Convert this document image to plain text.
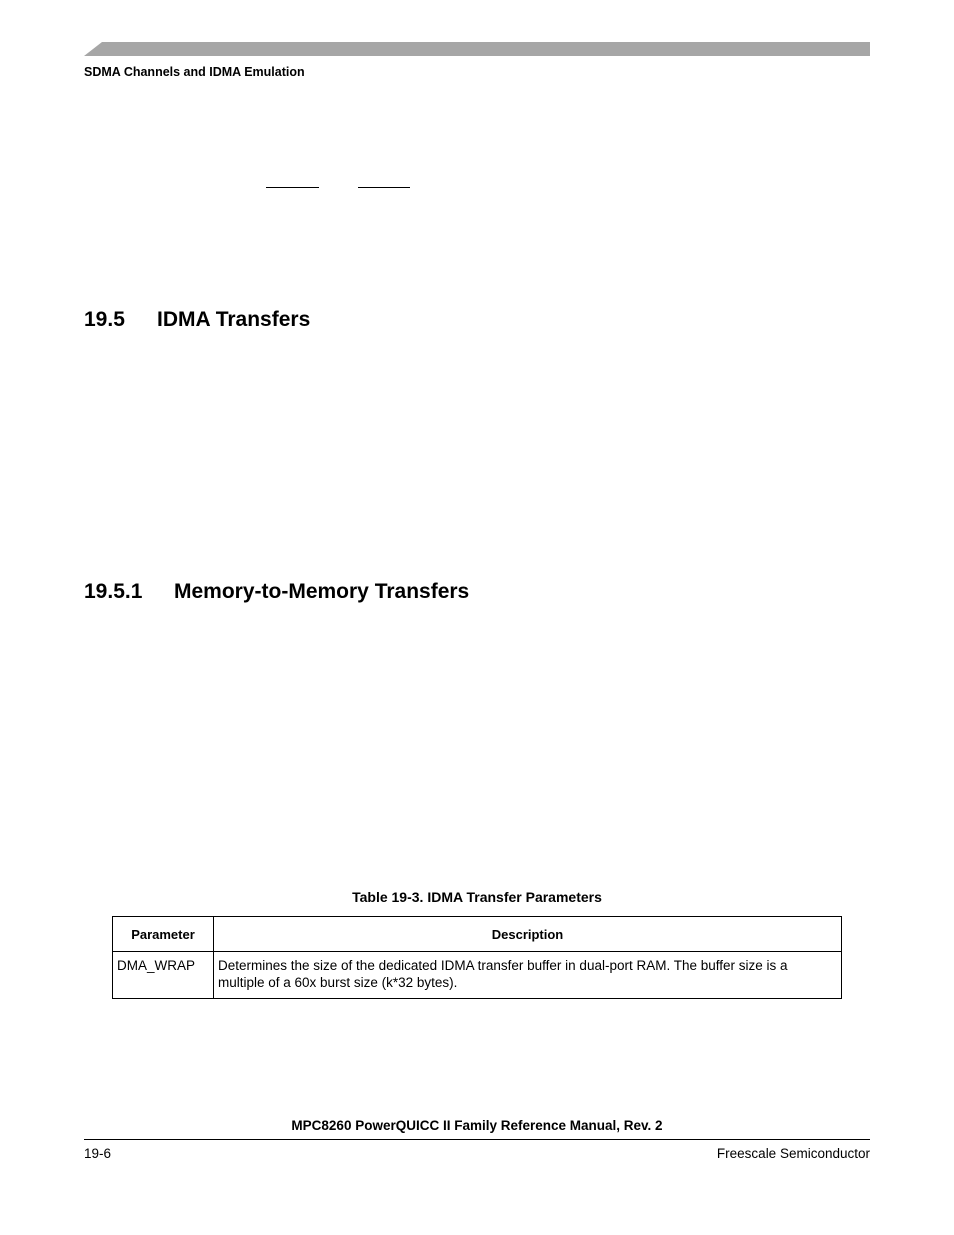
SDMA Channels and IDMA Emulation
19.5 IDMA Transfers
19.5.1 Memory-to-Memory Transfers
Table 19-3. IDMA Transfer Parameters
Parameter	Description
DMA_WRAP	Determines the size of the dedicated IDMA transfer buffer in dual-port RAM. The buffer size is a multiple of a 60x burst size (k*32 bytes).
MPC8260 PowerQUICC II Family Reference Manual, Rev. 2
19-6	Freescale Semiconductor
